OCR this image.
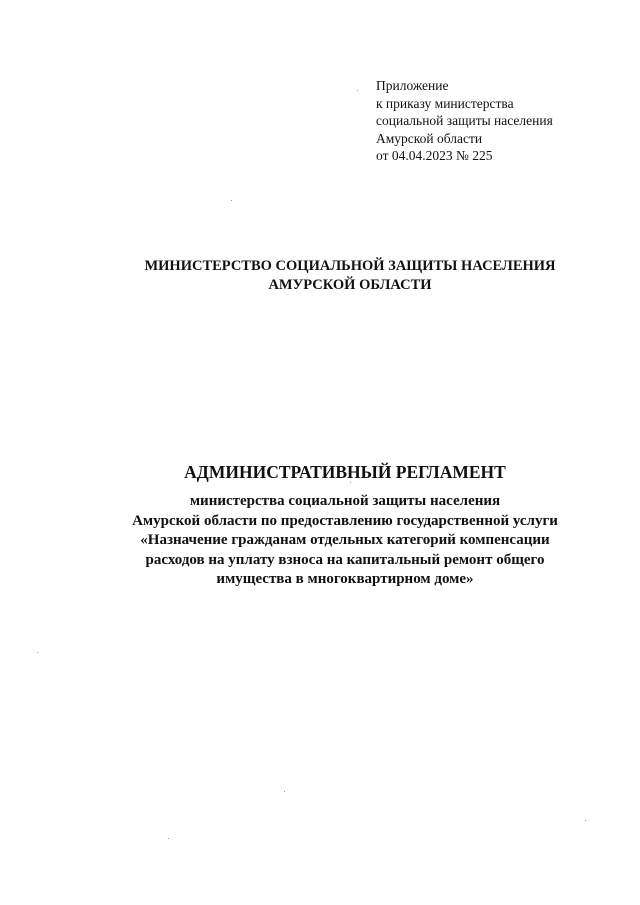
Приложение
к приказу министерства
социальной защиты населения
Амурской области
от 04.04.2023 № 225
МИНИСТЕРСТВО СОЦИАЛЬНОЙ ЗАЩИТЫ НАСЕЛЕНИЯ
АМУРСКОЙ ОБЛАСТИ
АДМИНИСТРАТИВНЫЙ РЕГЛАМЕНТ
министерства социальной защиты населения
Амурской области по предоставлению государственной услуги
«Назначение гражданам отдельных категорий компенсации
расходов на уплату взноса на капитальный ремонт общего
имущества в многоквартирном доме»
